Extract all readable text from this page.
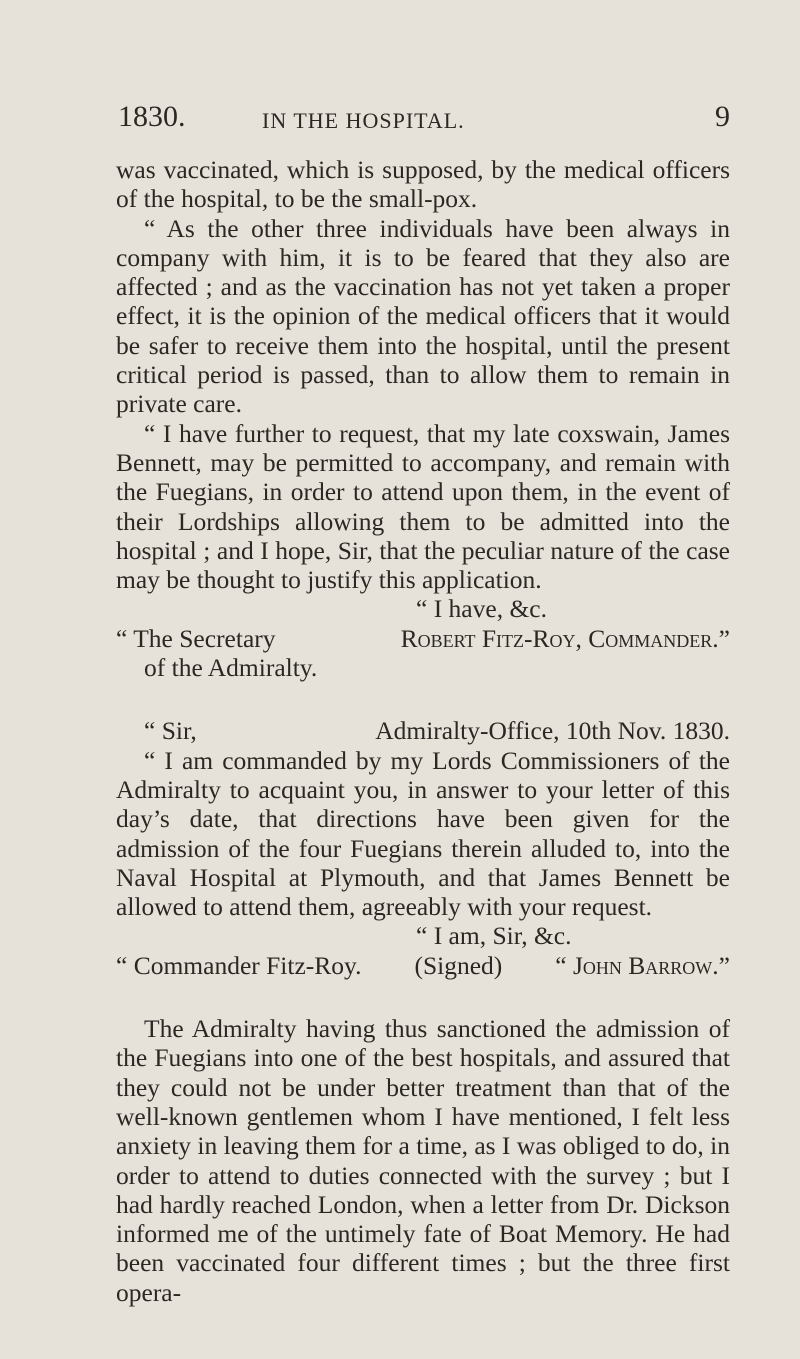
1830.	IN THE HOSPITAL.	9

was vaccinated, which is supposed, by the medical officers of the hospital, to be the small-pox.

“ As the other three individuals have been always in company with him, it is to be feared that they also are affected ; and as the vaccination has not yet taken a proper effect, it is the opinion of the medical officers that it would be safer to receive them into the hospital, until the present critical period is passed, than to allow them to remain in private care.

“ I have further to request, that my late coxswain, James Bennett, may be permitted to accompany, and remain with the Fuegians, in order to attend upon them, in the event of their Lordships allowing them to be admitted into the hospital ; and I hope, Sir, that the peculiar nature of the case may be thought to justify this application.

“ I have, &c.

“ The Secretary	Robert Fitz-Roy, Commander.”

of the Admiralty.

“ Sir,	Admiralty-Office, 10th Nov. 1830.

“ I am commanded by my Lords Commissioners of the Admiralty to acquaint you, in answer to your letter of this day’s date, that directions have been given for the admission of the four Fuegians therein alluded to, into the Naval Hospital at Plymouth, and that James Bennett be allowed to attend them, agreeably with your request.

“ I am, Sir, &c.

“ Commander Fitz-Roy. (Signed) “ John Barrow.”

The Admiralty having thus sanctioned the admission of the Fuegians into one of the best hospitals, and assured that they could not be under better treatment than that of the well-known gentlemen whom I have mentioned, I felt less anxiety in leaving them for a time, as I was obliged to do, in order to attend to duties connected with the survey ; but I had hardly reached London, when a letter from Dr. Dickson informed me of the untimely fate of Boat Memory. He had been vaccinated four different times ; but the three first opera-
